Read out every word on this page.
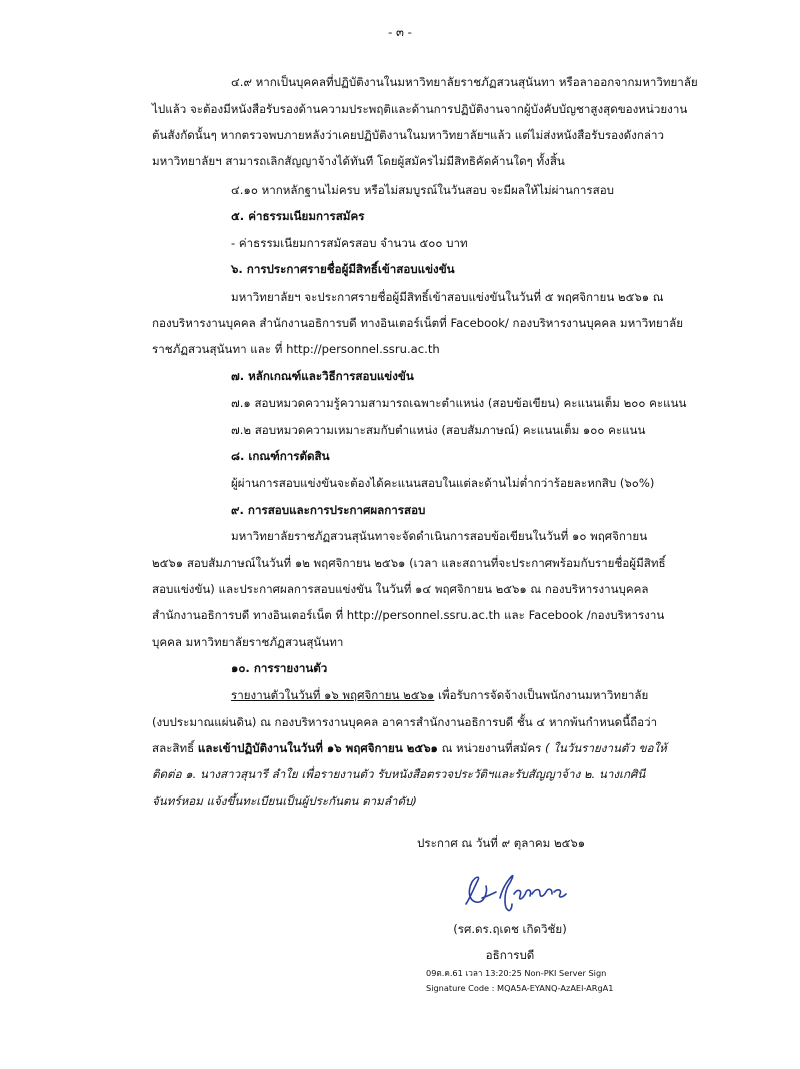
- ๓ -
๔.๙ หากเป็นบุคคลที่ปฏิบัติงานในมหาวิทยาลัยราชภัฏสวนสุนันทา หรือลาออกจากมหาวิทยาลัย
ไปแล้ว จะต้องมีหนังสือรับรองด้านความประพฤติและด้านการปฏิบัติงานจากผู้บังคับบัญชาสูงสุดของหน่วยงาน
ต้นสังกัดนั้นๆ หากตรวจพบภายหลังว่าเคยปฏิบัติงานในมหาวิทยาลัยฯแล้ว แต่ไม่ส่งหนังสือรับรองดังกล่าว
มหาวิทยาลัยฯ สามารถเลิกสัญญาจ้างได้ทันที โดยผู้สมัครไม่มีสิทธิคัดค้านใดๆ ทั้งสิ้น
๔.๑๐ หากหลักฐานไม่ครบ หรือไม่สมบูรณ์ในวันสอบ จะมีผลให้ไม่ผ่านการสอบ
๕. ค่าธรรมเนียมการสมัคร
- ค่าธรรมเนียมการสมัครสอบ จำนวน ๕๐๐ บาท
๖. การประกาศรายชื่อผู้มีสิทธิ์เข้าสอบแข่งขัน
มหาวิทยาลัยฯ จะประกาศรายชื่อผู้มีสิทธิ์เข้าสอบแข่งขันในวันที่ ๕ พฤศจิกายน ๒๕๖๑ ณ
กองบริหารงานบุคคล สำนักงานอธิการบดี ทางอินเตอร์เน็ตที่ Facebook/ กองบริหารงานบุคคล มหาวิทยาลัย
ราชภัฏสวนสุนันทา และ ที่ http://personnel.ssru.ac.th
๗. หลักเกณฑ์และวิธีการสอบแข่งขัน
๗.๑ สอบหมวดความรู้ความสามารถเฉพาะตำแหน่ง (สอบข้อเขียน) คะแนนเต็ม ๒๐๐ คะแนน
๗.๒ สอบหมวดความเหมาะสมกับตำแหน่ง (สอบสัมภาษณ์) คะแนนเต็ม ๑๐๐ คะแนน
๘. เกณฑ์การตัดสิน
ผู้ผ่านการสอบแข่งขันจะต้องได้คะแนนสอบในแต่ละด้านไม่ต่ำกว่าร้อยละหกสิบ (๖๐%)
๙. การสอบและการประกาศผลการสอบ
มหาวิทยาลัยราชภัฏสวนสุนันทาจะจัดดำเนินการสอบข้อเขียนในวันที่ ๑๐ พฤศจิกายน
๒๕๖๑ สอบสัมภาษณ์ในวันที่ ๑๒ พฤศจิกายน ๒๕๖๑ (เวลา และสถานที่จะประกาศพร้อมกับรายชื่อผู้มีสิทธิ์
สอบแข่งขัน) และประกาศผลการสอบแข่งขัน ในวันที่ ๑๔ พฤศจิกายน ๒๕๖๑ ณ กองบริหารงานบุคคล
สำนักงานอธิการบดี ทางอินเตอร์เน็ต ที่ http://personnel.ssru.ac.th และ Facebook /กองบริหารงาน
บุคคล มหาวิทยาลัยราชภัฏสวนสุนันทา
๑๐. การรายงานตัว
รายงานตัวในวันที่ ๑๖ พฤศจิกายน ๒๕๖๑ เพื่อรับการจัดจ้างเป็นพนักงานมหาวิทยาลัย
(งบประมาณแผ่นดิน) ณ กองบริหารงานบุคคล อาคารสำนักงานอธิการบดี ชั้น ๔ หากพ้นกำหนดนี้ถือว่า
สละสิทธิ์ และเข้าปฏิบัติงานในวันที่ ๑๖ พฤศจิกายน ๒๕๖๑ ณ หน่วยงานที่สมัคร ( ในวันรายงานตัว ขอให้
ติดต่อ ๑. นางสาวสุนารี ลำใย เพื่อรายงานตัว รับหนังสือตรวจประวัติฯและรับสัญญาจ้าง ๒. นางเกศินี
จันทร์หอม แจ้งขึ้นทะเบียนเป็นผู้ประกันตน ตามลำดับ)
ประกาศ ณ วันที่ ๙ ตุลาคม ๒๕๖๑
(รศ.ดร.ฤเดช เกิดวิชัย)
อธิการบดี
09ต.ค.61 เวลา 13:20:25 Non-PKI Server Sign
Signature Code : MQA5A-EYANQ-AzAEl-ARgA1
